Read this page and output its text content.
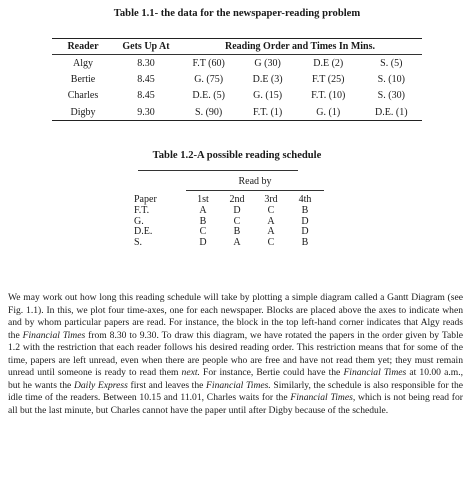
Table 1.1- the data for the newspaper-reading problem
Reader	Gets Up At	Reading Order and Times In Mins.			
Algy	8.30	F.T (60)	G (30)	D.E (2)	S. (5)
Bertie	8.45	G. (75)	D.E (3)	F.T (25)	S. (10)
Charles	8.45	D.E. (5)	G. (15)	F.T. (10)	S. (30)
Digby	9.30	S. (90)	F.T. (1)	G. (1)	D.E. (1)
Table 1.2-A possible reading schedule
Read by
Paper	1st	2nd	3rd	4th
F.T.	A	D	C	B
G.	B	C	A	D
D.E.	C	B	A	D
S.	D	A	C	B

We may work out how long this reading schedule will take by plotting a simple diagram called a Gantt Diagram (see Fig. 1.1). In this, we plot four time-axes, one for each newspaper. Blocks are placed above the axes to indicate when and by whom particular papers are read. For instance, the block in the top left-hand corner indicates that Algy reads the Financial Times from 8.30 to 9.30. To draw this diagram, we have rotated the papers in the order given by Table 1.2 with the restriction that each reader follows his desired reading order. This restriction means that for some of the time, papers are left unread, even when there are people who are free and have not read them yet; they must remain unread until someone is ready to read them next. For instance, Bertie could have the Financial Times at 10.00 a.m., but he wants the Daily Express first and leaves the Financial Times. Similarly, the schedule is also responsible for the idle time of the readers. Between 10.15 and 11.01, Charles waits for the Financial Times, which is not being read for all but the last minute, but Charles cannot have the paper until after Digby because of the schedule.
